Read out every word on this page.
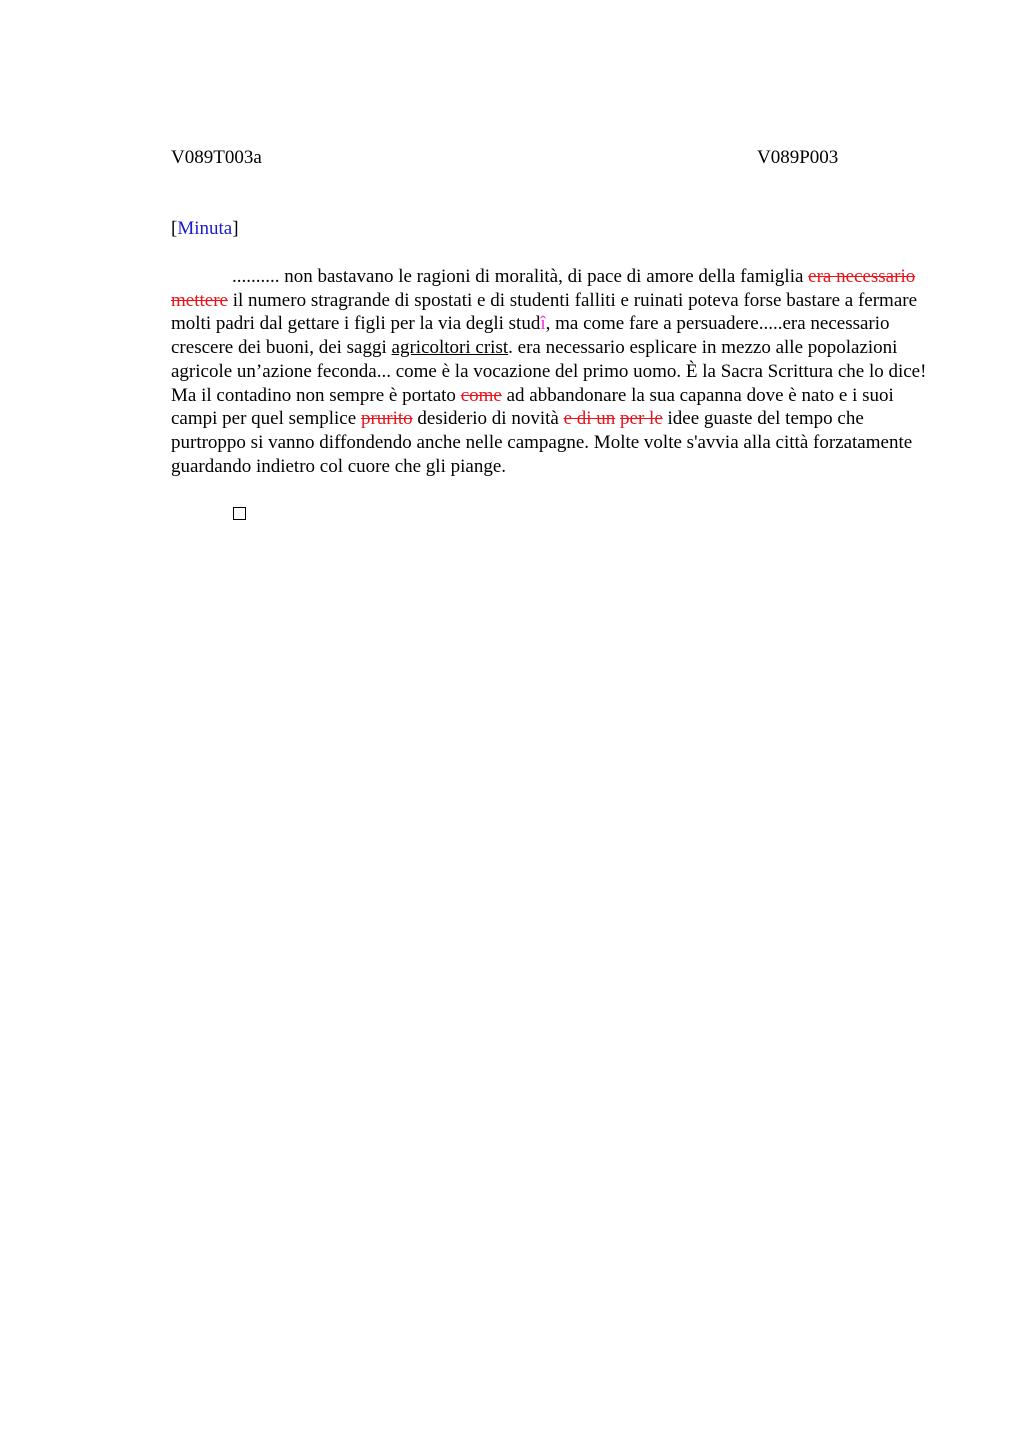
V089T003a	V089P003
[Minuta]
.......... non bastavano le ragioni di moralità, di pace di amore della famiglia era necessario mettere il numero stragrande di spostati e di studenti falliti e ruinati poteva forse bastare a fermare molti padri dal gettare i figli per la via degli studî, ma come fare a persuadere.....era necessario crescere dei buoni, dei saggi agricoltori crist. era necessario esplicare in mezzo alle popolazioni agricole un’azione feconda... come è la vocazione del primo uomo. È la Sacra Scrittura che lo dice! Ma il contadino non sempre è portato come ad abbandonare la sua capanna dove è nato e i suoi campi per quel semplice prurito desiderio di novità e di un per le idee guaste del tempo che purtroppo si vanno diffondendo anche nelle campagne. Molte volte s'avvia alla città forzatamente guardando indietro col cuore che gli piange.
